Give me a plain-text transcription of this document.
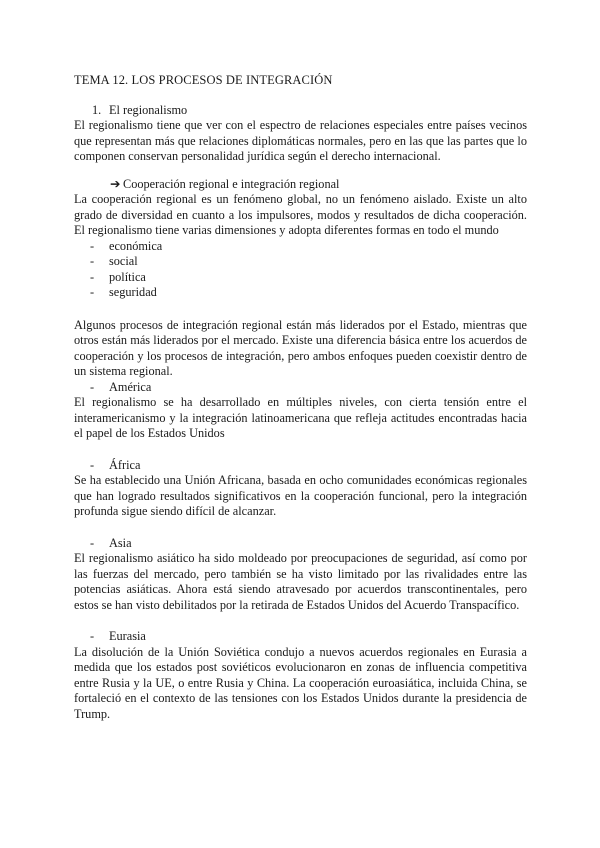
TEMA 12. LOS PROCESOS DE INTEGRACIÓN
1. El regionalismo

El regionalismo tiene que ver con el espectro de relaciones especiales entre países vecinos que representan más que relaciones diplomáticas normales, pero en las que las partes que lo componen conservan personalidad jurídica según el derecho internacional.

➔ Cooperación regional e integración regional

La cooperación regional es un fenómeno global, no un fenómeno aislado. Existe un alto grado de diversidad en cuanto a los impulsores, modos y resultados de dicha cooperación. El regionalismo tiene varias dimensiones y adopta diferentes formas en todo el mundo

- económica
- social
- política
- seguridad

Algunos procesos de integración regional están más liderados por el Estado, mientras que otros están más liderados por el mercado. Existe una diferencia básica entre los acuerdos de cooperación y los procesos de integración, pero ambos enfoques pueden coexistir dentro de un sistema regional.

- América

El regionalismo se ha desarrollado en múltiples niveles, con cierta tensión entre el interamericanismo y la integración latinoamericana que refleja actitudes encontradas hacia el papel de los Estados Unidos

- África

Se ha establecido una Unión Africana, basada en ocho comunidades económicas regionales que han logrado resultados significativos en la cooperación funcional, pero la integración profunda sigue siendo difícil de alcanzar.

- Asia

El regionalismo asiático ha sido moldeado por preocupaciones de seguridad, así como por las fuerzas del mercado, pero también se ha visto limitado por las rivalidades entre las potencias asiáticas. Ahora está siendo atravesado por acuerdos transcontinentales, pero estos se han visto debilitados por la retirada de Estados Unidos del Acuerdo Transpacífico.

- Eurasia

La disolución de la Unión Soviética condujo a nuevos acuerdos regionales en Eurasia a medida que los estados post soviéticos evolucionaron en zonas de influencia competitiva entre Rusia y la UE, o entre Rusia y China. La cooperación euroasiática, incluida China, se fortaleció en el contexto de las tensiones con los Estados Unidos durante la presidencia de Trump.
